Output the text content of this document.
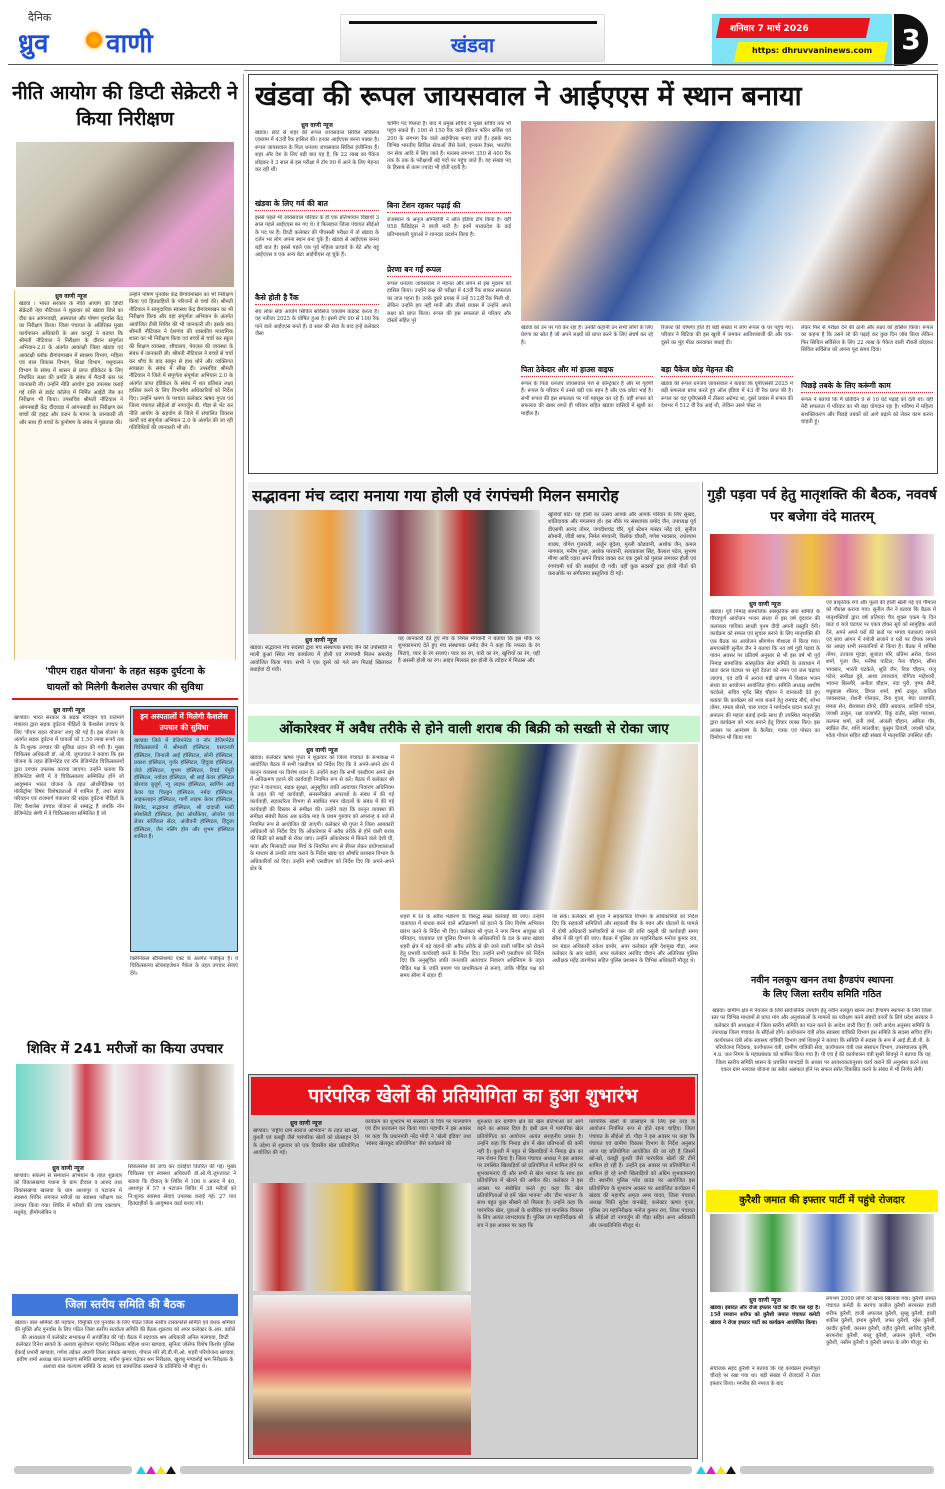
दैनिक
ध्रुव वाणी	खंडवा
शनिवार 7 मार्च 2026
https: dhruvvaninews.com 3
नीति आयोग की डिप्टी सेक्रेटरी ने किया निरीक्षण
ध्रुव वाणी न्यूज
खंडवा । भारत सरकार के नीति आयोग की डिप्टी सेक्रेटरी नेहा नौटियाल ने शुक्रवार को खंडवा जिले का दौरा कर आंगनवाड़ी, अस्पताल और पोषण पुनर्वास केंद्र का निरीक्षण किया। जिला पंचायत के अतिरिक्त मुख्य कार्यपालन अधिकारी के आर कानूड़े ने बताया कि श्रीमती नौटियाल ने निरीक्षण के दौरान संपूर्णता अभियान-2.0 के अंतर्गत आकांक्षी जिला खंडवा एवं आकांक्षी ब्लॉक छैगांवमाखन में स्वास्थ्य विभाग, महिला एवं बाल विकास विभाग, शिक्षा विभाग, पशुपालन विभाग के संबंध में शासन से प्राप्त इंडिकेटर के लिए निर्धारित लक्ष्य की प्रगति के संबंध में मैदानी स्तर पर जानकारी ली। उन्होंने नीति आयोग द्वारा उपलब्ध कराई गई राशि से डाईट कॉलेज में निर्मित आईटी लैब का निरीक्षण भी किया। उपसचिव श्रीमती नौटियाल ने आंगनबाड़ी केंद्र दौंदवाड़ा में आंगनबाड़ी का निरीक्षण कर बच्चों की हाइट और वजन के मापन के जानकारी ली और साथ ही बच्चों के कुपोषण के संबंध में पूछताछ की।
उन्होंने पोषण पुनर्वास केंद्र छैगांवमाखन का भी निरीक्षण किया एवं हितग्राहियों के परिजनों से चर्चा की। श्रीमती नौटियाल ने सामुदायिक स्वास्थ्य केंद्र छैगांवमाखन का भी निरीक्षण किया और वहां संपूर्णता अभियान के अंतर्गत आयोजित टीबी शिविर की भी जानकारी ली। इसके बाद श्रीमती नौटियाल ने देशगांव की शासकीय माध्यमिक शाला का भी निरीक्षण किया एवं बच्चों से चर्चा कर स्कूल की शिक्षण व्यवस्था, शौचालय, पेयजल की व्यवस्था के संबंध में जानकारी ली। श्रीमती नौटियाल ने बच्चों से चर्चा कर शौच के बाद साबुन से हाथ धोने और व्यक्तिगत स्वच्छता के संबंध में सीख दी। उपसचिव श्रीमती नौटियाल ने जिले में संपूर्णता संपूर्णता अभियान 2.0 के अंतर्गत प्राप्त इंडिकेटर के संबंध में शत प्रतिशत लक्ष्य हासिल करने के लिए विभागीय अधिकारियों को निर्देश दिए। उन्होंने भ्रमण के पश्चात कलेक्टर ऋषव गुप्ता एवं जिला पंचायत सीईओ डॉ नागार्जुन बी. गौड़ा से भेंट कर नीति आयोग के सहयोग से जिले में संचालित विकास कार्यों एवं संपूर्णता अभियान 2.0 के अंतर्गत की जा रही गतिविधियों की जानकारी भी ली।
खंडवा की रूपल जायसवाल ने आईएएस में स्थान बनाया
ध्रुव वाणी न्यूज
खंडवा। छोटे से शहर की रूपल जायसवाल सिविल सर्विसेज एक्जाम में 43वीं रैंक हासिल की। इनका आईएएस बनना पक्का है। रूपल जायसवाल के पिता धनंजय जायसवाल सिविल इंजीनियर हैं। शहर और देश के लिए बड़ी बात यह है, कि 22 लाख का पैकेज छोड़कर वे 3 साल से इस परीक्षा में टॉप 90 में आने के लिए मेहनत कर रहीं थीं।
खंडवा के लिए गर्व की बात
इससे पहले भी जायसवाल परिवार के ही एक प्रतिभावान विद्यार्थी 3 साल पहले आईएएस बन गए थे। वे फिलहाल जिला पंचायत सीईओ के पद पर हैं। डिप्टी कलेक्टर की पीएससी परीक्षा में तो खंडवा के दर्जन भर लोग अपना स्थान बना चुके हैं। खंडवा से आईएएस बनना बड़ी बात है। इससे पहले एक पूर्व महिला प्राचार्य के बेटे और बहू आईएएस व एक अन्य बेटा आईपीएस रह चुके हैं।
कैसे होती है रैंक
संघ लोक सेवा आयोग सिविल सर्विसेज एक्जाम कंडक्ट करता है। यह नतीजा 2025 के घोषित हुआ है। इसमें टॉप 90 से 100 रैंक पाने वाले आईएएस बनते हैं। 8 साल की सेवा के बाद इन्हें कलेक्टर जैसा
चार्मिंग पद मिलता है। बाद में प्रमुख सचिव व मुख्य सचिव तक भी पहुंच सकते हैं। 100 से 150 रैंक वाले इंडियन फॉरेन सर्विस एवं 200 के लगभग रैंक वाले आईपीएस बनाए जाते हैं। इसके बाद विभिन्न भारतीय सिविल सेवाओं जैसे रेलवे, इनकम टैक्स, भारतीय वन सेवा आदि में लिए जाते हैं। मतलब लगभग 350 से 400 रैंक तक के तक के परीक्षार्थी बड़े पदों पर पहुंच जाते हैं। यह संख्या पद के हिसाब से काम ज्यादा भी होती रहती है।
बिना टेंशन रहकर पढ़ाई की
राजस्थान के अनुज अग्निहोत्री ने ऑल इंडिया टॉप किया है। वहीं 958 कैंडिडेट्स ने बाजी मारी है। इनमें मध्यप्रदेश के कई प्रतिभाशाली युवाओं ने शानदार प्रदर्शन किया है।
प्रेरणा बन गईं रूपल
रूपल धनंजय जायसवाल ने मेहनत और लगन से इस मुकाम को हासिल किया। उन्होंने कक्ष की परीक्षा में 43वीं रैंक लाकर सफलता का ताज पहना है। उनके दूसरे प्रयास में उन्हें 512वीं रैंक मिली थी, लेकिन उन्होंने हार नहीं मानी और तीसरे प्रयास में उन्होंने अपने लक्ष्य को प्राप्त किया। रूपल की इस सफलता से परिवार और दोस्तों सहित पूरे
खंडवा को उन पर गर्व कर रहा है। उनकी कहानी उन सभी लोगों के लिए प्रेरणा का स्रोत है जो अपने लक्ष्यों को प्राप्त करने के लिए संघर्ष कर रहे हैं।
पिता ठेकेदार और मां हाउस वाइफ
रूपल के पिता धनंजय जायसवाल पेशे से कॉन्ट्रेक्टर हैं और मां गृहणी हैं। रूपल के परिवार में उनसे बड़ी एक बहन है और एक छोटा भाई है। सभी रूपल की इस सफलता पर गर्व महसूस कर रहे हैं। वहीं रूपल को सफलता की खबर लगते ही परिवार सहित खंडवा वासियों में खुशी का माहौल है।
रिजल्ट की घोषणा होते ही बड़ी संख्या में लोग रूपल के घर पहुंच गए। परिवार ने बिटिया की इस खुशी में जमकर आतिशबाजी की और एक-दूसरे का मुंह मीठा करवाकर बधाई दी।
बड़ा पैकेज छोड़ मेहनत की
खंडवा की रूपल धनंजय जायसवाल ने बताया कि यूपीएससी 2025 में बड़ी सफलता प्राप्त करते हुए ऑल इंडिया में 43 वीं रैंक प्राप्त की है। रूपल का यह यूपीएससी में तीसरा अटेम्प्ट था, दूसरे प्रयास में रूपल की देशभर में 512 वीं रैंक आई थी, लेकिन उसने पोस्ट ना
लेकर फिर से परीक्षा देने की ठानी और लक्ष्य को हासिल किया। रूपल का कहना है कि उसने लॉ की पढ़ाई कर कुछ दिन जॉब किया लेकिन फिर सिविल सर्विसेज के लिए 22 लाख के पैकेज वाली नौकरी छोड़कर सिविल सर्विसेज को अपना पूरा समय दिया।
पिछड़े तबके के लिए करूंगी काम
रूपल ने बताया कि मैं प्रतिदिन 9 से 10 घंटे पढ़ाई को देती थी। वहीं मेरी सफलता में परिवार का भी बड़ा योगदान रहा है। भविष्य में महिला सशक्तिकरण और पिछड़े तबकों को आगे बढ़ाने को लेकर काम करना चाहती हूं।
सद्भावना मंच व्दारा मनाया गया होली एवं रंगपंचमी मिलन समारोह
ध्रुव वाणी न्यूज
खंडवा। सद्भावना मंच सदस्यों द्वारा मंच संस्थापक प्रमोद जैन की उपस्थिति में माली कुआं स्थित मंच कार्यालय में होली एवं रंगपंचमी मिलन समारोह आयोजित किया गया। सभी ने एक दूसरे को गले लग मिठाई खिलाकर बधाईयां दी गयी।
यह जानकारी देते हुए मंच के निर्मल मंगवानी ने बताया कि इस मौके पर शुभकामनाएं देते हुए मंच संस्थापक प्रमोद जैन ने कहा कि नफरत के रंग मिटाएं, प्यार के रंग सजाएं। प्यार का रंग, यारी का रंग, खुशियों का रंग, यही है असली होली का रंग। आइए मिलकर इस होली के त्योहार में मिठास और
खुशियाँ बांटें। यह होली का उत्सव आपके और आपके परिवार के लिए सुखद, शांतिदायक और मंगलमय हो। इस मौके पर संस्थापक प्रमोद जैन, उपाध्यक्ष पूर्व डीएसपी आनंद तोमर, जगदीशचंद्र चौरे, पूर्व स्टेशन मास्टर नरेंद्र दवे, सुनील सोमानी, जीडी श्राफ, निर्मल मंगवानी, त्रिलोक चौधरी, गणेश भावसार, राधेश्याम शाक्य, योगेश गुजराती, अर्जुन बुंदेला, मुरली कोडवानी, अशोक जैन, कमल नागपाल, मनीष गुप्ता, अशोक पारवानी, सत्यप्रकाश सिंह, कैलाश पटेल, सुभाष मीणा आदि व्दारा अपने विचार व्यक्त कर एक दुसरे को गुलाल लगाकर होली एवं रंगपंचमी पर्व की बधाईयां दी गयी। वहीं कुछ सदस्यों द्वारा होली गीतों की कराओके पर संगीतमय प्रस्तुतियां दी गई।
गुड़ी पड़वा पर्व हेतु मातृशक्ति की बैठक, नववर्ष पर बजेगा वंदे मातरम्
ध्रुव वाणी न्यूज
खंडवा। पूर्व निमाड़ सामाजिक सांस्कृतिक सेवा समिति के गौरवपूर्ण आयोजन भजन संध्या में इस वर्ष वृंदावन की कलाकार गायिका साध्वी पूनम दीदी अपनी प्रस्तुति देंगी। कार्यक्रम को सफल एवं सुचारु बनाने के लिए मातृशक्ति की एक बैठक का आयोजन श्रीगणेश गौशाला में किया गया। समाजसेवी सुनील जैन ने बताया कि नव वर्ष गुड़ी पड़वा के पावन अवसर पर प्रतिवर्ष अनुसार से भी इस वर्ष भी पूर्व निमाड़ सामाजिक सांस्कृतिक सेवा समिति के तत्वाधान में प्रातः काल घंटाघर पर सूर्य देवता को नमन एवं जल चढ़ाया जाएगा, एवं रात्रि में अनाज मंडी प्रांगण में विशाल भजन संध्या का आयोजन आयोजित होगा। समिति अध्यक्ष आशीष चटकेले, सचिव भूपेंद्र सिंह चौहान ने जानकारी देते हुए बताया कि कार्यक्रम को भव्य बनाने हेतु रामचंद्र मौर्य, शोभा तोमर, ममता बोरसे, चारु यादव ने मार्गदर्शन प्रदान करते हुए सनातन की महत्ता बताई इनके साथ ही उपस्थित मातृशक्ति द्वारा कार्यक्रम को भव्य बनाने हेतु विचार व्यक्त किए। इस अवसर पर आमंत्रण के कैलेंडर, पत्रक एवं पोस्टर का विमोचन भी किया गया
एवं प्राकृतिक रंगों और फूलों की होली खेली गई एवं गौमाता को गौग्रास कराया गया। सुनील जैन ने बताया कि बैठक में मातृशक्तियों द्वारा वर्ष प्रतिपदा चैत्र शुक्ल एकम के दिन प्रातः 6 बजे घंटाघर पर एकत्र होकर सूर्य को सामूहिक अर्घ्य देने, अपने अपने घरों की छतों पर भगवा पताकाएं लगाने एवं सायं आंगन में रंगोली सजाने व घरों पर दीपक लगाने का आग्रह सभी सनातनियों से किया है। बैठक में शर्मिष्ठा तोमर, उज्वला मूंदड़ा, सुजाता मोरे, प्रतिमा अरोरा, चेतना शर्मा, पूजा जैन, मनीषा पाटिल, नैना चौहान, सीमा भावसार, भारती चटकेले, श्रुति जैन, रिया चौहान, मंजू पटेल, समीक्षा दुबे, आशा उपाध्याय, योगिता माहेश्वरी, भावना बिल्लौरे, अनीता चौहान, नंदा पुरी, पुष्पा सैनी, मधुबाला शीलार, डिंपल शर्मा, हर्षा ठाकुर, कविता जायसवाल, रोशनी गोलकर, रीना गुप्ता, मेघा प्रजापति, ममता सेन, शैलबाला डोंगरे, प्रीति अग्रवाल, शालिनी चंदेल, जयश्री ठाकुर, रक्षा प्रजापति, रिंकू राठौर, स्नेहा पाराशर, कल्पना शर्मा, रानी वर्मा, अंजली चौहान, अमिता गौर, स्वप्निल जैन, शशि मालवीया, कुसुम तिवारी, जयश्री पटेल, श्वेता गोयल सहित बड़ी संख्या में मातृशक्ति उपस्थित रही।
'पीएम राहत योजना' के तहत सड़क दुर्घटना के
घायलों को मिलेगी कैशलेस उपचार की सुविधा
ध्रुव वाणी न्यूज
खण्डवा। भारत सरकार के सड़क परिवहन एवं राजमार्ग मंत्रालय द्वारा सड़क दुर्घटना पीड़ितों के कैशलेस उपचार के लिए 'पीएम राहत योजना' लागू की गई है। इस योजना के अंतर्गत सड़क दुर्घटना में घायलों को 1.50 लाख रूपये तक के नि:शुल्क उपचार की सुविधा प्रदान की गयी है। मुख्य चिकित्सा अधिकारी डॉ. ओ.पी. जुगतावत ने बताया कि इस योजना के तहत डेजिग्नेटेड एवं नॉन डेजिग्नेटेड चिकित्सालयों द्वारा उपचार उपलब्ध कराया जाएगा। उन्होंने बताया कि डेजिग्नेटेड श्रेणी में वे चिकित्सालय सम्मिलित होंगे जो आयुष्मान भारत योजना के तहत ऑर्थोपेडिक्स एवं पॉलीट्रॉमा विषय विशेषज्ञताओं में शामिल हैं, तथा सड़क परिवहन एवं राजमार्ग मंत्रालय की सड़क दुर्घटना पीड़ितों के लिए कैशलेस उपचार योजना से सम्बद्ध हैं जबकि नॉन डेजिग्नेटेड श्रेणी में वे चिकित्सालय सम्मिलित है जो
इन अस्पतालों में मिलेगी कैशलेस उपचार की सुविधा
खण्डवा जिले में डेजिगनेटेड व नॉन डेजिगनेटेड चिकित्सालयों में श्रीमाली हॉस्पिटल, एसएनजी हॉस्पिटल, जिनाली आई हॉस्पिटल, सोनी हॉस्पिटल, प्रकाश हॉस्पिटल, गुर्जर हॉस्पिटल, हिंदूजा हॉस्पिटल, जेजे हॉस्पिटल, शुभम हॉस्पिटल, रिचर्ड पेंपुरी हॉस्पिटल, नवोदय हॉस्पिटल, श्री साईं केयर हॉस्पिटल बोरगांव बुजुर्ग, न्यू लाइफ हॉस्पिटल, स्वर्णिम आई केयर एंड चिल्ड्रन हॉस्पिटल, नर्मदा हॉस्पिटल, लाइफलाइन हॉस्पिटल, गार्गी लाइफ केयर हॉस्पिटल, सिगोट, सद्भावना हॉस्पिटल, श्री दादाजी मल्टी स्पेशलिटी हॉस्पिटल, ईशा ऑर्थोकेयर, ओजोन एवं लेजर सर्जिकल सेंटर, अंजीवनी हॉस्पिटल, हिंदूजा हॉस्पिटल, जैन नर्सिंग होम और शुभम हॉस्पिटल शामिल हैं।
क्लिनिकल स्टैब्लिशमेंट एक्ट के अंतर्गत पंजीकृत है। ये चिकित्सालय स्टेब्लाइजेशन पैकेज के तहत उपचार सेवाएं देंगे।
ओंकारेश्वर में अवैध तरीके से होने वाली शराब की बिक्री को सख्ती से रोका जाए
ध्रुव वाणी न्यूज
खंडवा। कलेक्टर ऋषव गुप्ता ने शुक्रवार को जिला पंचायत के सभाकक्ष में आयोजित बैठक में सभी एसडीएम को निर्देश दिए कि वे अपने-अपने क्षेत्र में कानून व्यवस्था पर विशेष ध्यान दें। उन्होंने कहा कि सभी एसडीएम अपने क्षेत्र में अतिक्रमण हटाने की कार्यवाही नियमित रूप से करें। बैठक में कलेक्टर श्री गुप्ता ने यातायात, सड़क सुरक्षा, अनुसूचित जाति अत्याचार निवारण अधिनियम के तहत की गई कार्यवाही, सनसनीखेज अपराधों के संबंध में की गई कार्यवाही, सहकारिता विभाग से संबंधित गबन घोटालों के संबंध में की गई कार्यवाही की विस्तार से समीक्षा की। उन्होंने कहा कि कानून व्यवस्था की समीक्षा संबंधी बैठक अब प्रत्येक माह के प्रथम गुरुवार को अपरान्ह 4 बजे से नियमित रूप से आयोजित की जाएगी। कलेक्टर श्री गुप्ता ने जिला आबकारी अधिकारी को निर्देश दिए कि ओंकारेश्वर में अवैध तरीके से होने वाली शराब की बिक्री को सख्ती से रोका जाए। उन्होंने ओंकारेश्वर में बिकने वाले देशी घी, मावा और मिलावटी लाल मिर्च के नियमित रूप से सैंपल लेकर प्रयोगशालाओं के माध्यम से उनकी जांच कराने के निर्देश खाद्य एवं औषधि प्रशासन विभाग के अधिकारियों को दिए। उन्होंने सभी एसडीएम को निर्देश दिए कि अपने-अपने क्षेत्र के
शहरों में रेत के अवैध भंडारण के विरुद्ध सख्त कार्रवाई की जाए। उन्होंने यातायात में बाधक बनने वाले अतिक्रमणों को हटाने के लिए विशेष अभियान प्रारंभ करने के निर्देश भी दिए। कलेक्टर श्री गुप्ता ने नगर निगम आयुक्त को परिवहन, यातायात एवं पुलिस विभाग के अधिकारियों के दल के साथ खंडवा शहरी क्षेत्र में बड़े वाहनों की अवैध तरीके से की जाने वाली पार्किंग को रोकने हेतु प्रभावी कार्यवाही करने के निर्देश दिए। उन्होंने सभी एसडीएम को निर्देश दिए कि अनुसूचित जाति जनजाति अत्याचार निवारण अधिनियम के तहत पीड़ित पक्ष के जाति प्रमाण पत्र प्राथमिकता से बनाएं, ताकि पीड़ित पक्ष को समय सीमा में राहत दी
जा सके। कलेक्टर श्री गुप्ता ने सहकारिता विभाग के अधिकारियों को निर्देश दिए कि सहकारी समितियों और सहकारी बैंक के गबन और घोटालों के मामले में दोषी अधिकारी कर्मचारियों से गबन की राशि वसूली की कार्यवाही समय सीमा में की पूर्ण की जाए। बैठक में पुलिस उप महानिरीक्षक मनोज कुमार राय, वन मंडल अधिकारी राकेश डामोर, अपर कलेक्टर सृष्टि देशमुख गौड़ा, अपर कलेक्टर के आर बडोले, अपर कलेक्टर अरविंद चौहान और अतिरिक्त पुलिस अधीक्षक महेंद्र तारणेकर सहित पुलिस प्रशासन के विभिन्न अधिकारी मौजूद थे।
नवीन नलकूप खनन तथा हैण्डपंप स्थापना
के लिए जिला स्तरीय समिति गठित
खंडवा। ग्रामीण क्षेत्र में पेयजल के लिये सार्वजनिक उपयोग हेतु नवीन नलकूप खनन तथा हैण्डपंप स्थापना के लिये जिला स्तर पर विभिन्न माध्यमों से प्राप्त मांग और अनुशंसाओं के मामलों का परीक्षण करने संबंधी कार्यों के लिये प्रदेश सरकार ने कलेक्टर की अध्यक्षता में जिला स्तरीय समिति का गठन करने के आदेश जारी किए हैं। जारी आदेश अनुसार समिति के उपाध्यक्ष जिला पंचायत के सीईओ होंगे। कार्यपालन यंत्री लोक स्वास्थ्य यांत्रिकी विभाग इस समिति के सदस्य सचिव होंगे। कार्यपालन यंत्री लोक स्वास्थ्य यांत्रिकी विभाग वर्षा शिवपुरे ने बताया कि समिति में सदस्य के रूप में आई.डी.डी.पी. के परियोजना निदेशक, कार्यपालन यंत्री, ग्रामीण यांत्रिकी सेवा, कार्यपालन यंत्री जल संसाधन विभाग, उपसंचालक कृषि, म.प्र. जल निगम के महाप्रबंधक को शामिल किया गया है। पी एच ई की कार्यपालन यंत्री सुश्री शिवपुरे ने बताया कि यह जिला स्तरीय समिति शासन के प्रचलित मापदंडों के आधार पर आवश्यकतानुसार कार्य कराने की अनुशंसा करने तथा एकल ग्राम नलजल योजना का स्त्रोत असफल होने पर सफल स्त्रोत विकसित करने के संबंध में भी निर्णय लेगी।
शिविर में 241 मरीजों का किया उपचार
ध्रुव वाणी न्यूज
खण्डवा। संकल्प से समाधान अभियान के तहत शुक्रवार को विकासखण्ड पंधाना के ग्राम दीवाल व आरुद तथा विकासखण्ड खालवा के ग्राम आशापुर व पटाजन मे स्वास्थ्य शिविर लगाकर मरीजों का स्वास्थ्य परीक्षण कर उपचार किया गया। शिविर में मरीजों की उच्च रक्तचाप, मधुमेह, हीमोग्लोबिन व
सिकलसेल की जांच कर दवाईयां वितरित की गई। मुख्य चिकित्सा एवं स्वास्थ्य अधिकारी डॉ.ओ.पी.जुगतावत ने बताया कि दीवाल् के शिविर में 106 व आरुद में 40, आशापुर में 57 व पटाजन शिविर में 38 मरीजों को नि:शुल्क स्वास्थ्य सेवाएं उपलब्ध कराई गई। 27 पात्र हितग्राहीयों के आयुष्मान कार्ड बनाए गये।
पारंपरिक खेलों की प्रतियोगिता का हुआ शुभारंभ
ध्रुव वाणी न्यूज
खण्डवा। 'राष्ट्रीय ग्राम स्वराज अभियान' के तहत खो-खो, कुश्ती एवं कबड्डी जैसे पारंपरिक खेलों को प्रोत्साहन देने के उद्देश्य से शुक्रवार को एक दिवसीय खेल प्रतियोगिता आयोजित की गई।
कार्यक्रम का शुभारंभ मां सरस्वती के चित्र पर माल्यार्पण एवं दीप प्रज्वलन कर किया गया। महापौर ने इस अवसर पर कहा कि प्रधानमंत्री नरेंद्र मोदी ने 'खेलो इंडिया' तथा 'सांसद खेलकूद प्रतियोगिता' जैसे कार्यक्रमो की
शुरुआत कर ग्रामीण क्षेत्र की खेल प्रतिभाओं को आगे बढ़ने का अवसर दिया है। इसी क्रम में पारंपरिक खेल प्रतियोगिता का आयोजन अत्यंत सराहनीय प्रयास है। उन्होंने कहा कि निमाड़ क्षेत्र में खेल प्रतिभाओं की कमी नहीं है। कुश्ती में बहुत से खिलाड़ियों ने निमाड़ क्षेत्र का नाम रोशन किया है। जिला पंचायत अध्यक्ष ने इस अवसर पर उपस्थित खिलाड़ियों को प्रतियोगिता में शामिल होने पर शुभकामनाएं दी और सभी से खेल भावना के साथ इस प्रतियोगिता में खेलने की अपील की। कलेक्टर ने इस अवसर पर संबोधित करते हुए कहा कि खेल प्रतियोगिताओं से हमें 'खेल भावना' और 'टीम भावना' के साथ बहुत कुछ सीखने को मिलता है। उन्होंने कहा कि पारंपरिक खेल, युवाओं के शारीरिक एवं मानसिक विकास के लिए अत्यंत लाभदायक हैं। पुलिस उप महानिरीक्षक श्री राय ने इस अवसर पर कहा कि
पारंपरिक खेलों के प्रोत्साहन के लिए इस तरह के आयोजन नियमित रूप से होते रहना चाहिए। जिला पंचायत के सीईओ डॉ. गौड़ा ने इस अवसर पर कहा कि पंचायत एवं ग्रामीण विकास विभाग के निर्देश अनुसार आज यह प्रतियोगिता आयोजित की जा रही है जिसमें खो-खो, कबड्डी कुश्ती जैसे पारंपरिक खेलों की टीमें शामिल हो रही हैं। उन्होंने इस अवसर पर प्रतियोगिता में शामिल हो रहे सभी खिलाड़ियों को अग्रिम शुभकामनाएं दीं। स्थानीय पुलिस परेड ग्राउंड पर आयोजित इस प्रतियोगिता के शुभारंभ अवसर पर आयोजित कार्यक्रम में खंडवा की महापौर अमृता अमर यादव, जिला पंचायत अध्यक्ष पिंकी सुदेश वानखेड़े, कलेक्टर ऋषव गुप्ता, पुलिस उप महानिरीक्षक मनोज कुमार राय, जिला पंचायत के सीईओ डॉ नागार्जुन बी गौड़ा सहित अन्य अधिकारी और जनप्रतिनिधि मौजूद थे।
जिला स्तरीय समिति की बैठक
खंडवा। बाल श्रमिकों की पहचान, विमुक्ति एवं पुनर्वास के लिए गठित जिला स्तरीय टास्कफोर्स समिति एवं बंधक श्रमिकों की मुक्ति और पुनर्वास के लिए गठित जिला स्तरीय सतर्कता समिति की बैठक शुक्रवार को अपर कलेक्टर के.आर. बडोले की अध्यक्षता में कलेक्टेट सभाकक्ष में आयोजित की गई। बैठक में सहायक श्रम अधिकारी अनिल मलगाया, डिप्टी कलेक्टर दिनेश सावले के अलावा सुलोचना गहलोद निरीक्षक महिला थाना खण्डवा, सुनिता जोसेफ विशेष किशोर पुलिस ईकाई प्रभारी खण्डवा, गणेश तईकर अग्रणी जिला प्रबंधक खण्डवा, गोपाल मोरे सी.डी.पी.ओ. शहरी परियोजना खण्डवा, प्रवीण शर्मा अध्यक्ष बाल कल्याण समिति खण्डवा, नवीन कुमार गढ़ेकर श्रम निरीक्षक, खुशबू मण्डलोई श्रम निरीक्षक के अलावा बाल कल्याण समिति के सदस्य एवं सामाजिक संस्थानो के प्रतिनिधि भी मौजूद थे।
कुरैशी जमात की इफ्तार पार्टी में पहुंचे रोजदार
ध्रुव वाणी न्यूज
खंडवा। इबादत और रोजा इफ्तार पार्टी का दौर चल रहा है। 15वें रमजान शरीफ को कुरैशी जमात पंचायत कमेटी खंडवा ने रोजा इफ्तार पार्टी का कार्यक्रम आयोजित किया।
संयोजक सईद कुरैशी ने बताया कि यह कार्यक्रम इमलीपुरा चौराहे पर रखा गया था। बड़ी संख्या में रोजदारों ने रोजा इफ्तार किया। मगरीब की नमाज के बाद
लगभग 2000 लोगों को खाना खिलाया गया। कुरैशी जमात पंचायत कमेटी के सरपंच जलील कुरैशी सरपरस्त हाजी शरीफ कुरैशी, हाजी अफजल कुरैशी, सुब्बु कुरैशी, हाजी शकील कुरैशी, इमाम कुरैशी, जफर कुरैशी, रईस कुरैशी, कादीर कुरैशी, कासम कुरैशी, वहीद कुरैशी, साजिद कुरैशी, सरफरोश कुरैशी, बब्लू कुरैशी, अकरम कुरैशी, नदीम कुरैशी, नसीम कुरैशी व कुरैशी जमात के लोग मौजूद थे।
